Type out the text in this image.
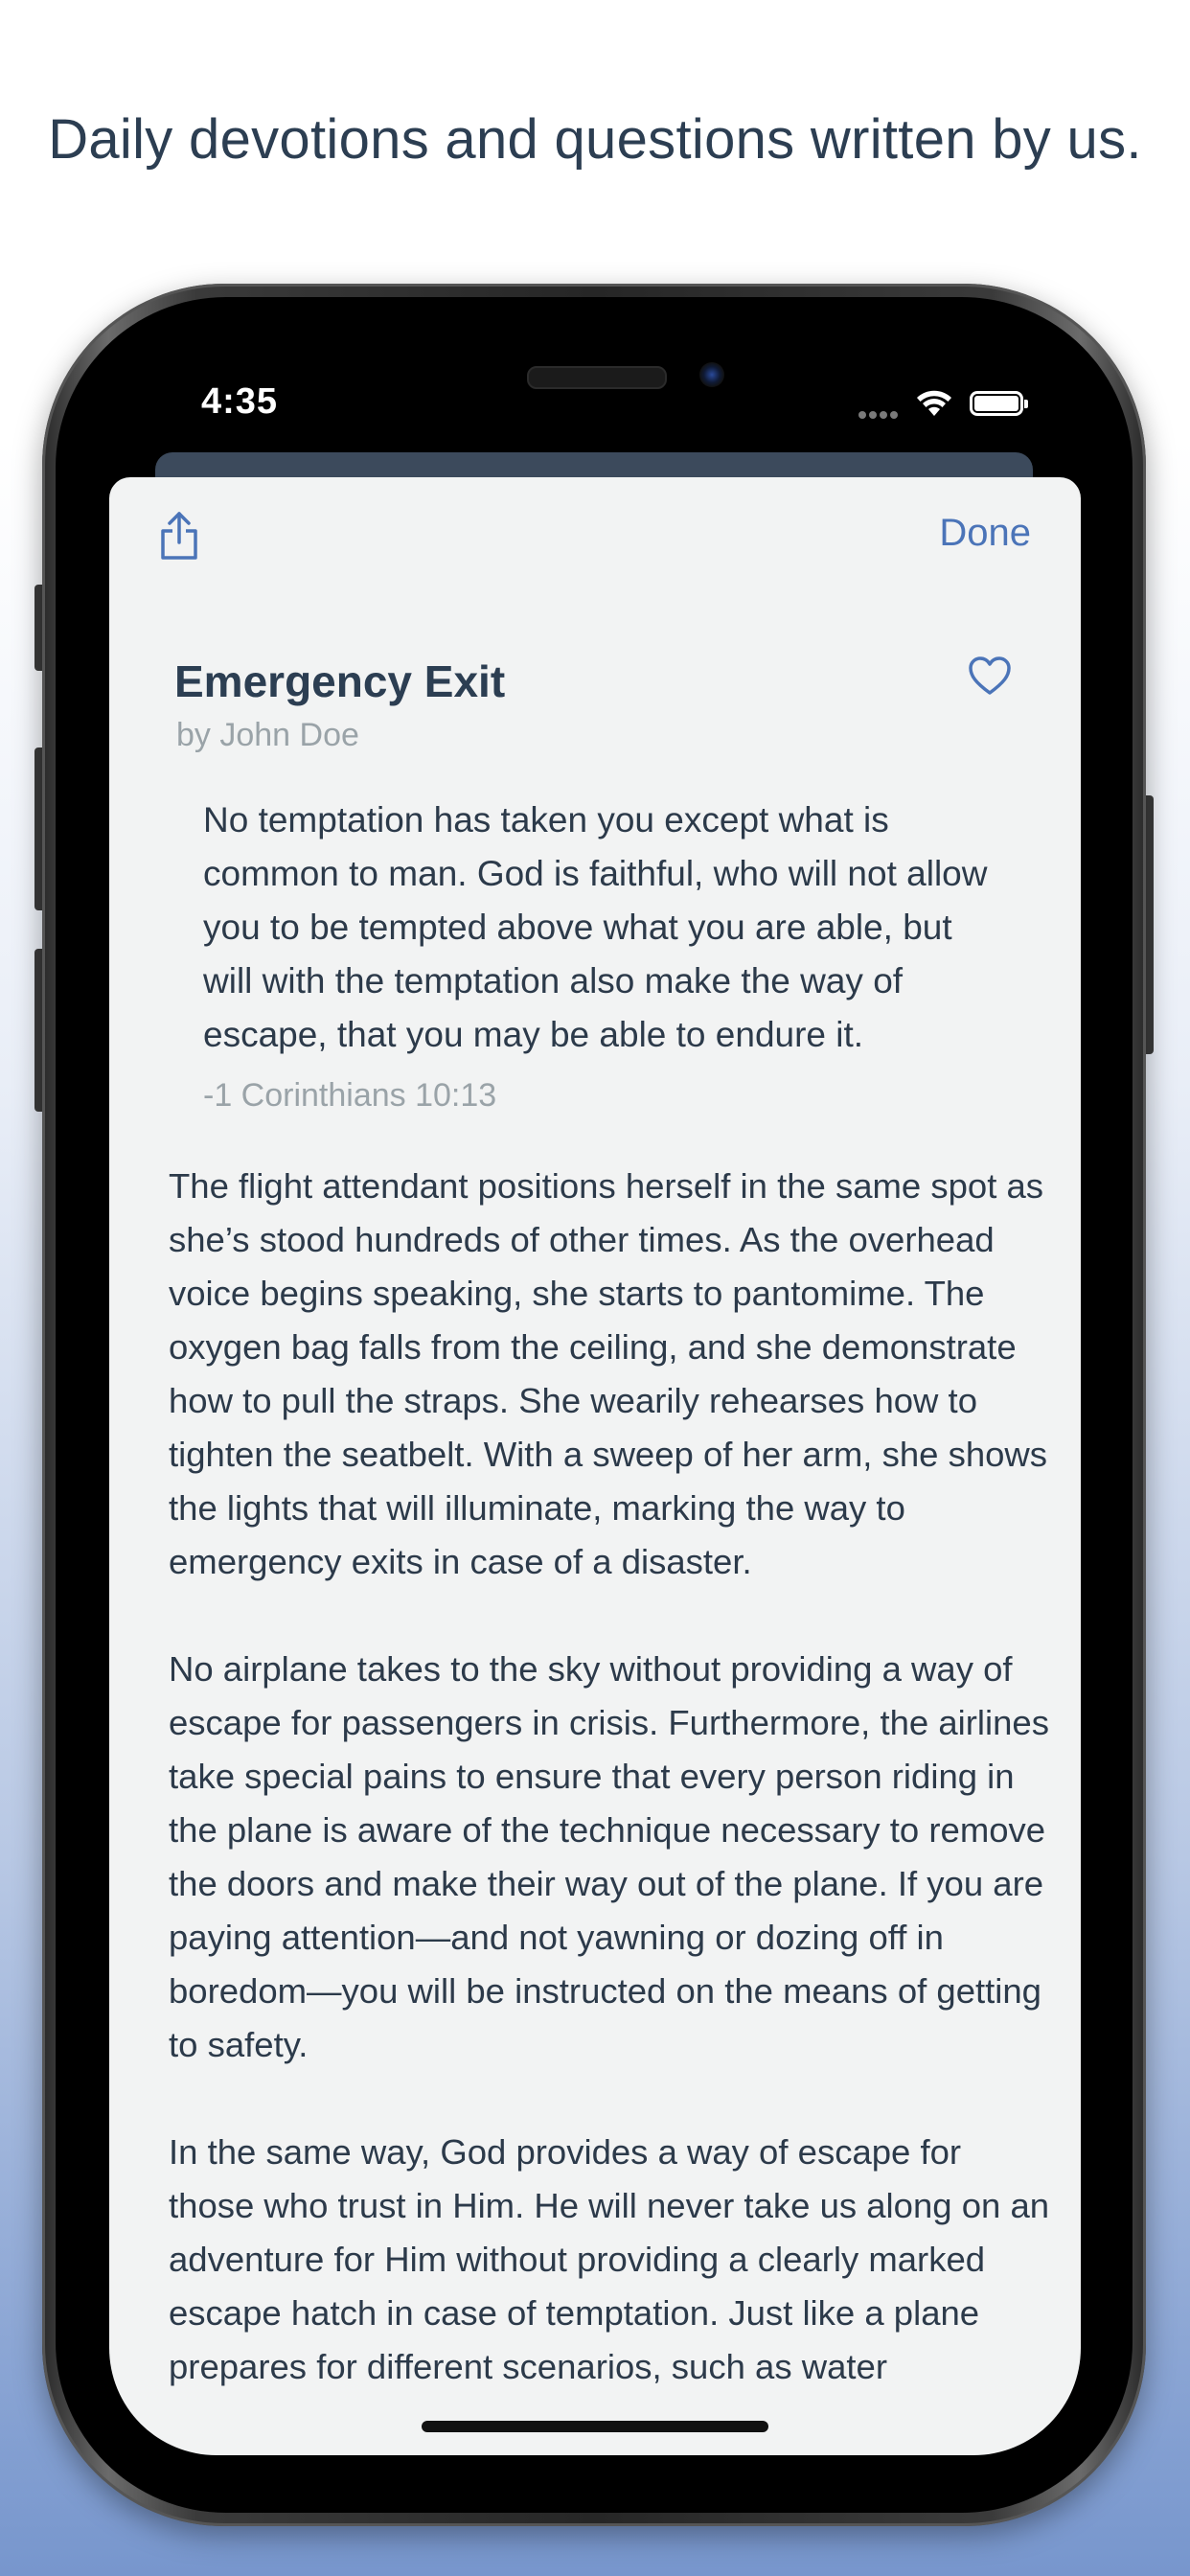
Daily devotions and questions written by us.
4:35
Done
Emergency Exit
by John Doe

No temptation has taken you except what is common to man. God is faithful, who will not allow you to be tempted above what you are able, but will with the temptation also make the way of escape, that you may be able to endure it.

-1 Corinthians 10:13

The flight attendant positions herself in the same spot as she’s stood hundreds of other times. As the overhead voice begins speaking, she starts to pantomime. The oxygen bag falls from the ceiling, and she demonstrate how to pull the straps. She wearily rehearses how to tighten the seatbelt. With a sweep of her arm, she shows the lights that will illuminate, marking the way to emergency exits in case of a disaster.

No airplane takes to the sky without providing a way of escape for passengers in crisis. Furthermore, the airlines take special pains to ensure that every person riding in the plane is aware of the technique necessary to remove the doors and make their way out of the plane. If you are paying attention—and not yawning or dozing off in boredom—you will be instructed on the means of getting to safety.

In the same way, God provides a way of escape for those who trust in Him. He will never take us along on an adventure for Him without providing a clearly marked escape hatch in case of temptation. Just like a plane prepares for different scenarios, such as water
